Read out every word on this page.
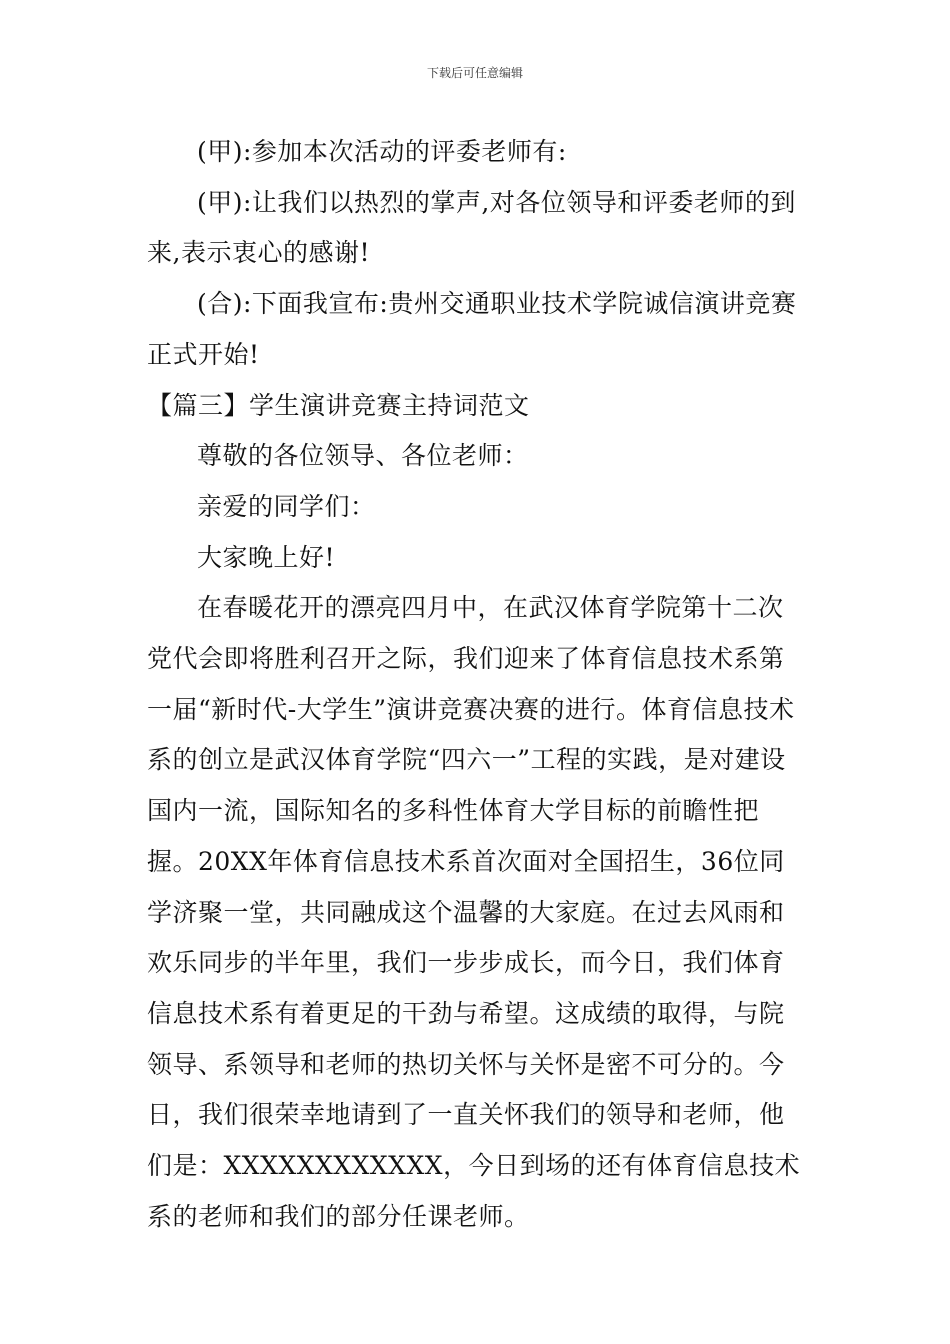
下载后可任意编辑

(甲):参加本次活动的评委老师有:

(甲):让我们以热烈的掌声,对各位领导和评委老师的到来,表示衷心的感谢!

(合):下面我宣布:贵州交通职业技术学院诚信演讲竞赛正式开始!

【篇三】学生演讲竞赛主持词范文

尊敬的各位领导、各位老师：

亲爱的同学们：

大家晚上好!

在春暖花开的漂亮四月中，在武汉体育学院第十二次党代会即将胜利召开之际，我们迎来了体育信息技术系第一届“新时代-大学生”演讲竞赛决赛的进行。体育信息技术系的创立是武汉体育学院“四六一”工程的实践，是对建设国内一流，国际知名的多科性体育大学目标的前瞻性把握。20XX年体育信息技术系首次面对全国招生，36位同学济聚一堂，共同融成这个温馨的大家庭。在过去风雨和欢乐同步的半年里，我们一步步成长，而今日，我们体育信息技术系有着更足的干劲与希望。这成绩的取得，与院领导、系领导和老师的热切关怀与关怀是密不可分的。今日，我们很荣幸地请到了一直关怀我们的领导和老师，他们是：XXXXXXXXXXXX，今日到场的还有体育信息技术系的老师和我们的部分任课老师。
